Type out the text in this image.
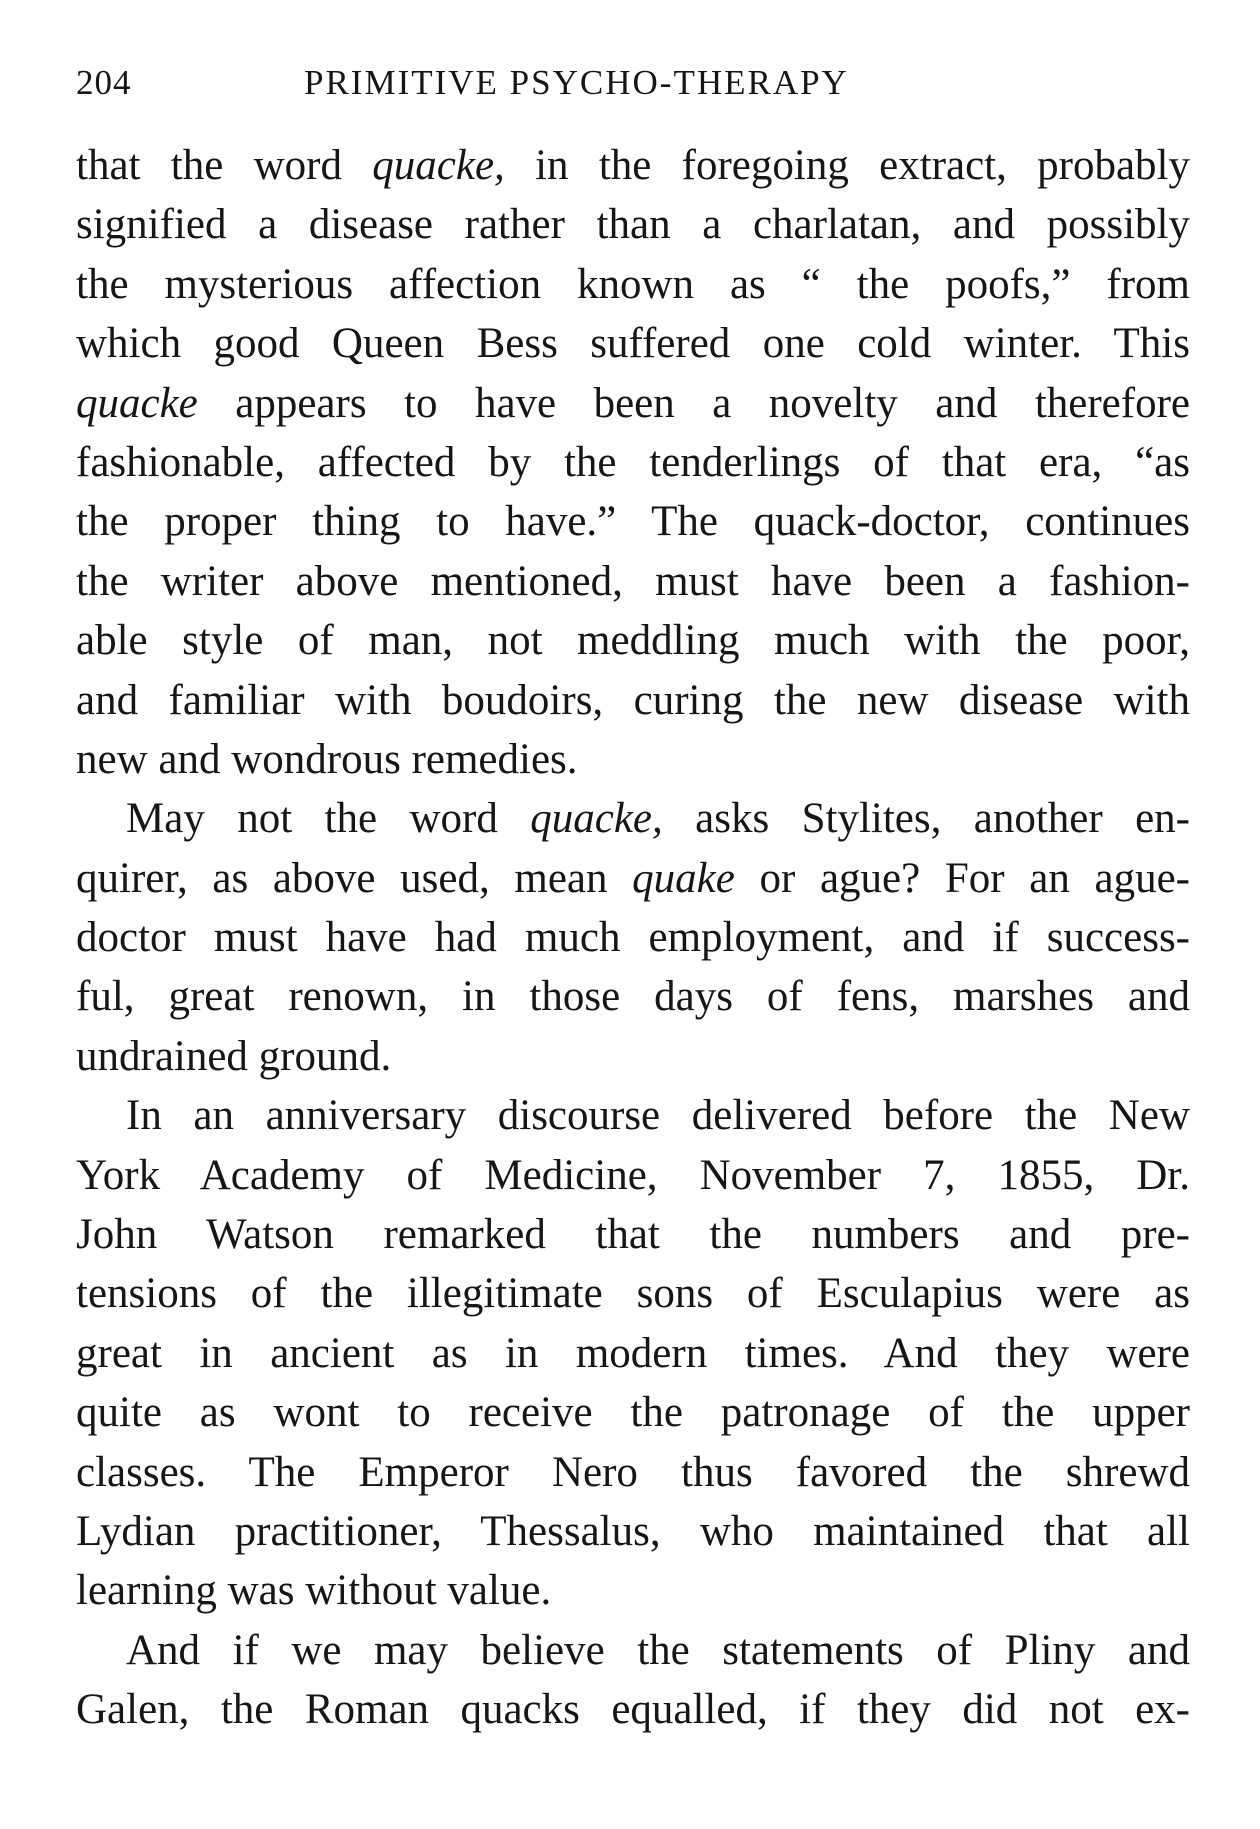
204	PRIMITIVE PSYCHO-THERAPY
that the word quacke, in the foregoing extract, probably
signified a disease rather than a charlatan, and possibly
the mysterious affection known as “ the poofs,” from
which good Queen Bess suffered one cold winter. This
quacke appears to have been a novelty and therefore
fashionable, affected by the tenderlings of that era, “as
the proper thing to have.” The quack-doctor, continues
the writer above mentioned, must have been a fashion-
able style of man, not meddling much with the poor,
and familiar with boudoirs, curing the new disease with
new and wondrous remedies.
May not the word quacke, asks Stylites, another en-
quirer, as above used, mean quake or ague? For an ague-
doctor must have had much employment, and if success-
ful, great renown, in those days of fens, marshes and
undrained ground.
In an anniversary discourse delivered before the New
York Academy of Medicine, November 7, 1855, Dr.
John Watson remarked that the numbers and pre-
tensions of the illegitimate sons of Esculapius were as
great in ancient as in modern times. And they were
quite as wont to receive the patronage of the upper
classes. The Emperor Nero thus favored the shrewd
Lydian practitioner, Thessalus, who maintained that all
learning was without value.
And if we may believe the statements of Pliny and
Galen, the Roman quacks equalled, if they did not ex-
